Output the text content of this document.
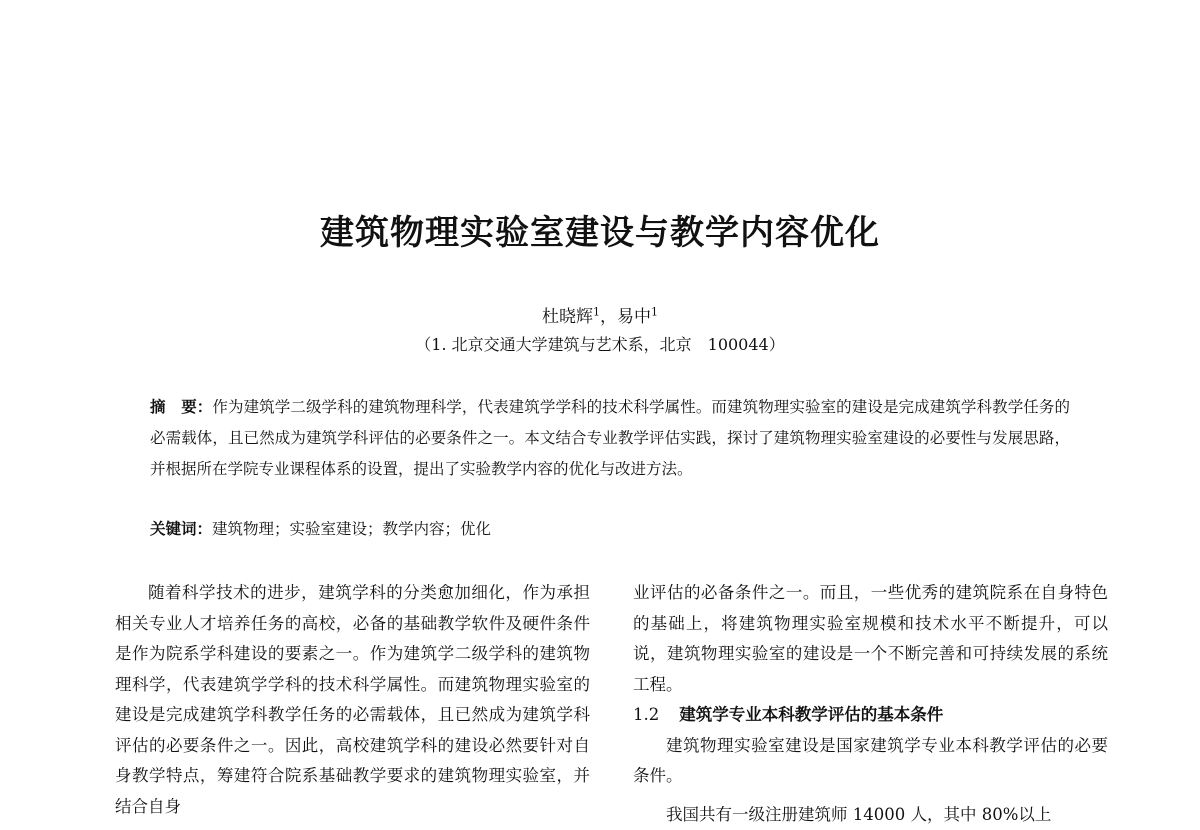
建筑物理实验室建设与教学内容优化
杜晓辉$^1$，易中$^1$
（1. 北京交通大学建筑与艺术系，北京　100044）
摘　要：作为建筑学二级学科的建筑物理科学，代表建筑学学科的技术科学属性。而建筑物理实验室的建设是完成建筑学科教学任务的必需载体，且已然成为建筑学科评估的必要条件之一。本文结合专业教学评估实践，探讨了建筑物理实验室建设的必要性与发展思路，并根据所在学院专业课程体系的设置，提出了实验教学内容的优化与改进方法。
关键词：建筑物理；实验室建设；教学内容；优化

随着科学技术的进步，建筑学科的分类愈加细化，作为承担相关专业人才培养任务的高校，必备的基础教学软件及硬件条件是作为院系学科建设的要素之一。作为建筑学二级学科的建筑物理科学，代表建筑学学科的技术科学属性。而建筑物理实验室的建设是完成建筑学科教学任务的必需载体，且已然成为建筑学科评估的必要条件之一。因此，高校建筑学科的建设必然要针对自身教学特点，筹建符合院系基础教学要求的建筑物理实验室，并结合自身

业评估的必备条件之一。而且，一些优秀的建筑院系在自身特色的基础上，将建筑物理实验室规模和技术水平不断提升，可以说，建筑物理实验室的建设是一个不断完善和可持续发展的系统工程。

1.2 建筑学专业本科教学评估的基本条件

建筑物理实验室建设是国家建筑学专业本科教学评估的必要条件。

我国共有一级注册建筑师 14000 人，其中 80%以上
